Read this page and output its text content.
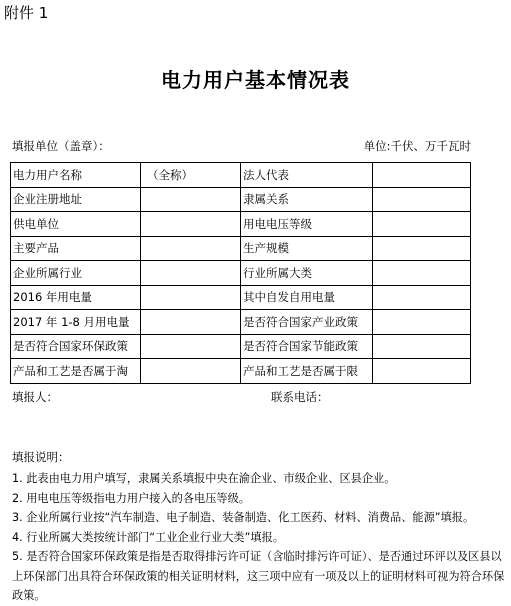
附件 1
电力用户基本情况表
填报单位（盖章）：	单位:千伏、万千瓦时
电力用户名称	（全称）	法人代表	
企业注册地址		隶属关系	
供电单位		用电电压等级	
主要产品		生产规模	
企业所属行业		行业所属大类	
2016 年用电量		其中自发自用电量	
2017 年 1-8 月用电量		是否符合国家产业政策	
是否符合国家环保政策		是否符合国家节能政策	
产品和工艺是否属于淘		产品和工艺是否属于限	
填报人：	联系电话：
填报说明：
1. 此表由电力用户填写，隶属关系填报中央在渝企业、市级企业、区县企业。
2. 用电电压等级指电力用户接入的各电压等级。
3. 企业所属行业按“汽车制造、电子制造、装备制造、化工医药、材料、消费品、能源”填报。
4. 行业所属大类按统计部门“工业企业行业大类”填报。
5. 是否符合国家环保政策是指是否取得排污许可证（含临时排污许可证）、是否通过环评以及区县以上环保部门出具符合环保政策的相关证明材料，这三项中应有一项及以上的证明材料可视为符合环保政策。
